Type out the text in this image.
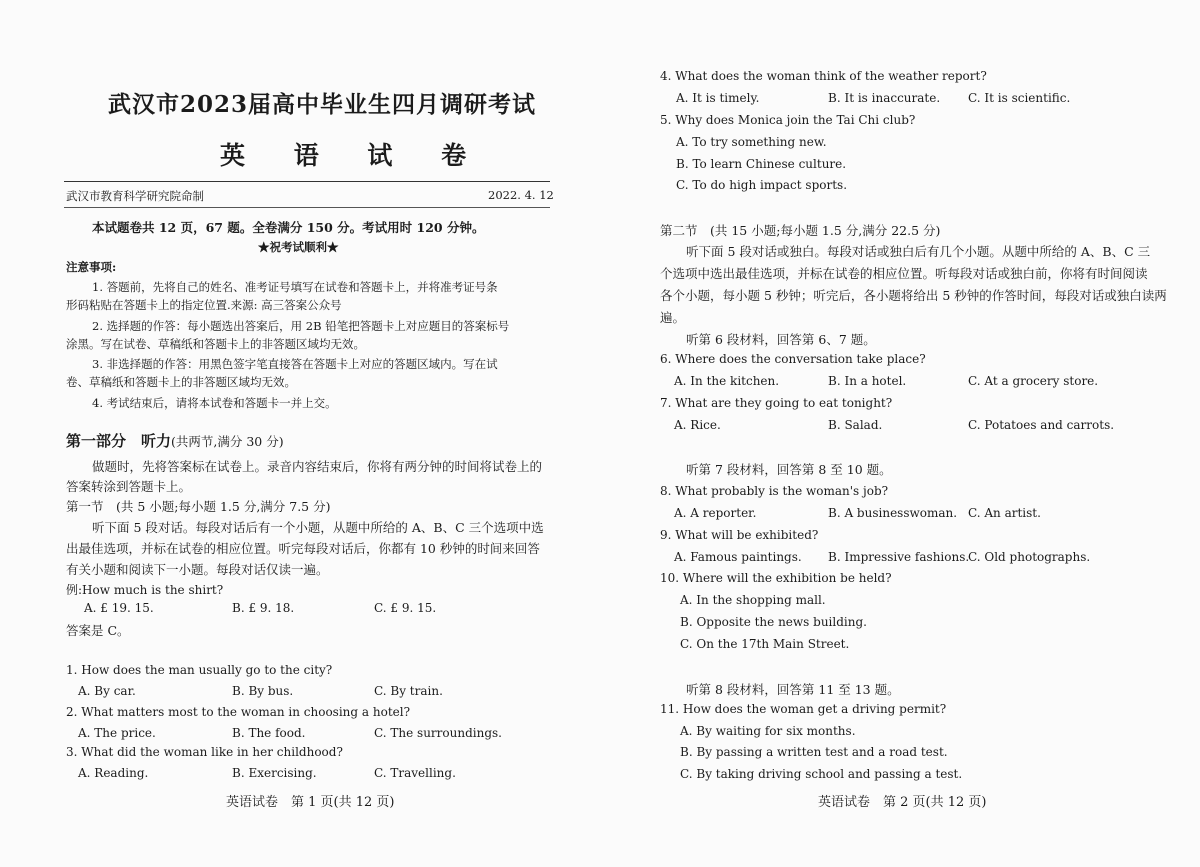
武汉市2023届高中毕业生四月调研考试
英 语 试 卷
武汉市教育科学研究院命制	2022. 4. 12
本试题卷共 12 页，67 题。全卷满分 150 分。考试用时 120 分钟。
★祝考试顺利★
注意事项:
1. 答题前，先将自己的姓名、准考证号填写在试卷和答题卡上，并将准考证号条
形码粘贴在答题卡上的指定位置.来源: 高三答案公众号
2. 选择题的作答：每小题选出答案后，用 2B 铅笔把答题卡上对应题目的答案标号
涂黑。写在试卷、草稿纸和答题卡上的非答题区域均无效。
3. 非选择题的作答：用黑色签字笔直接答在答题卡上对应的答题区域内。写在试
卷、草稿纸和答题卡上的非答题区域均无效。
4. 考试结束后，请将本试卷和答题卡一并上交。
第一部分　听力(共两节,满分 30 分)
做题时，先将答案标在试卷上。录音内容结束后，你将有两分钟的时间将试卷上的
答案转涂到答题卡上。
第一节　(共 5 小题;每小题 1.5 分,满分 7.5 分)
听下面 5 段对话。每段对话后有一个小题，从题中所给的 A、B、C 三个选项中选
出最佳选项，并标在试卷的相应位置。听完每段对话后，你都有 10 秒钟的时间来回答
有关小题和阅读下一小题。每段对话仅读一遍。
例:How much is the shirt?
A. £ 19. 15.	B. £ 9. 18.	C. £ 9. 15.
答案是 C。
1. How does the man usually go to the city?
A. By car.	B. By bus.	C. By train.
2. What matters most to the woman in choosing a hotel?
A. The price.	B. The food.	C. The surroundings.
3. What did the woman like in her childhood?
A. Reading.	B. Exercising.	C. Travelling.
英语试卷　第 1 页(共 12 页)
4. What does the woman think of the weather report?
A. It is timely.	B. It is inaccurate. C. It is scientific.
5. Why does Monica join the Tai Chi club?
A. To try something new.
B. To learn Chinese culture.
C. To do high impact sports.
第二节　(共 15 小题;每小题 1.5 分,满分 22.5 分)
听下面 5 段对话或独白。每段对话或独白后有几个小题。从题中所给的 A、B、C 三
个选项中选出最佳选项，并标在试卷的相应位置。听每段对话或独白前，你将有时间阅读
各个小题，每小题 5 秒钟；听完后，各小题将给出 5 秒钟的作答时间，每段对话或独白读两
遍。
听第 6 段材料，回答第 6、7 题。
6. Where does the conversation take place?
A. In the kitchen.	B. In a hotel.	C. At a grocery store.
7. What are they going to eat tonight?
A. Rice.	B. Salad.	C. Potatoes and carrots.
听第 7 段材料，回答第 8 至 10 题。
8. What probably is the woman's job?
A. A reporter.	B. A businesswoman. C. An artist.
9. What will be exhibited?
A. Famous paintings. B. Impressive fashions.
C. Old photographs.
10. Where will the exhibition be held?
A. In the shopping mall.
B. Opposite the news building.
C. On the 17th Main Street.
听第 8 段材料，回答第 11 至 13 题。
11. How does the woman get a driving permit?
A. By waiting for six months.
B. By passing a written test and a road test.
C. By taking driving school and passing a test.
英语试卷　第 2 页(共 12 页)
